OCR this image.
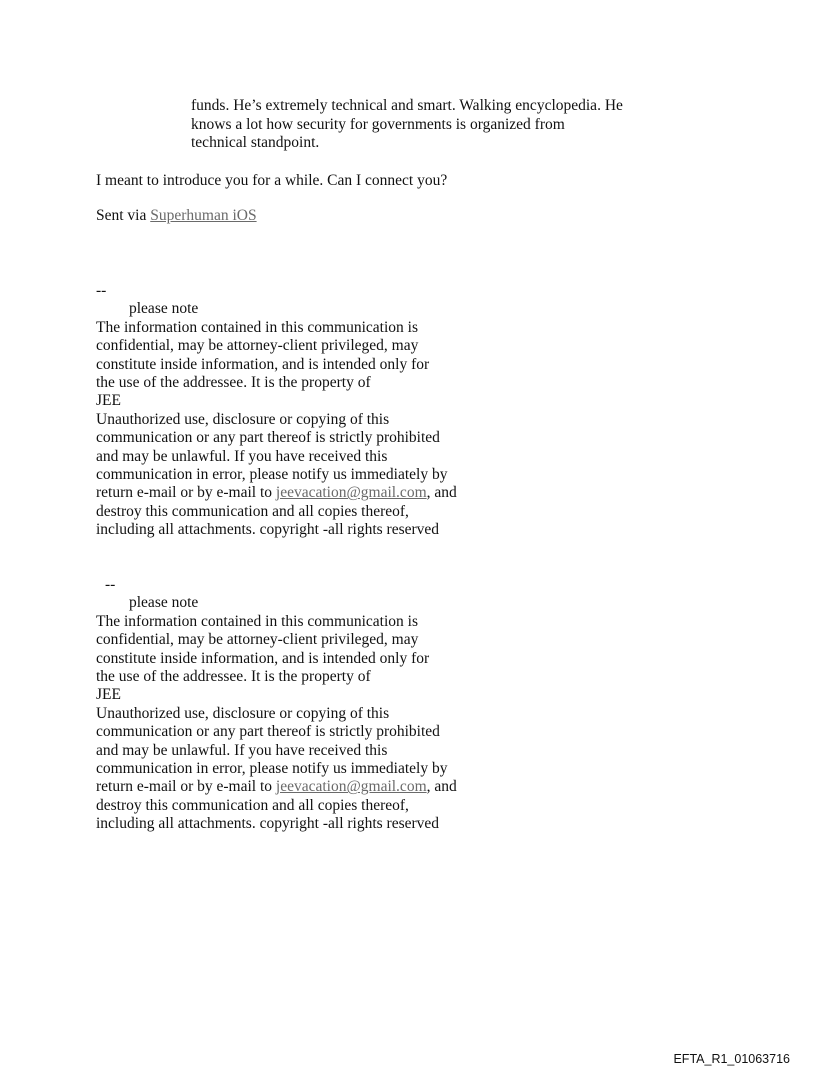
funds. He’s extremely technical and smart. Walking encyclopedia. He
knows a lot how security for governments is organized from
technical standpoint.
I meant to introduce you for a while. Can I connect you?
Sent via Superhuman iOS
--
please note
The information contained in this communication is
confidential, may be attorney-client privileged, may
constitute inside information, and is intended only for
the use of the addressee. It is the property of
JEE
Unauthorized use, disclosure or copying of this
communication or any part thereof is strictly prohibited
and may be unlawful. If you have received this
communication in error, please notify us immediately by
return e-mail or by e-mail to jeevacation@gmail.com, and
destroy this communication and all copies thereof,
including all attachments. copyright -all rights reserved
--
please note
The information contained in this communication is
confidential, may be attorney-client privileged, may
constitute inside information, and is intended only for
the use of the addressee. It is the property of
JEE
Unauthorized use, disclosure or copying of this
communication or any part thereof is strictly prohibited
and may be unlawful. If you have received this
communication in error, please notify us immediately by
return e-mail or by e-mail to jeevacation@gmail.com, and
destroy this communication and all copies thereof,
including all attachments. copyright -all rights reserved
EFTA_R1_01063716
